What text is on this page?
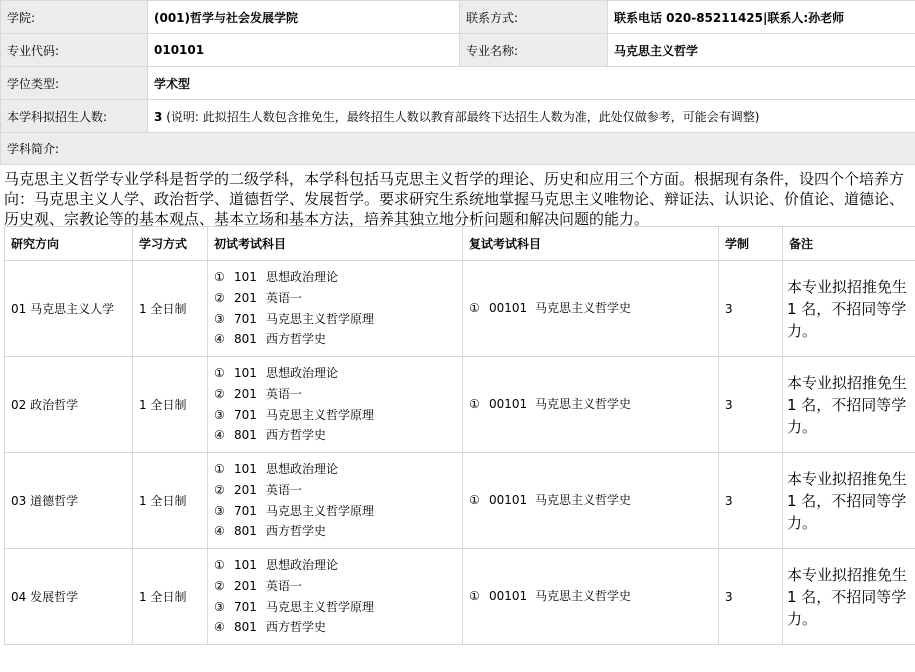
学院:	(001)哲学与社会发展学院	联系方式:	联系电话 020-85211425|联系人:孙老师
专业代码:	010101	专业名称:	马克思主义哲学
学位类型:	学术型		
本学科拟招生人数:	3 (说明: 此拟招生人数包含推免生，最终招生人数以教育部最终下达招生人数为准，此处仅做参考，可能会有调整)		
学科简介:			
马克思主义哲学专业学科是哲学的二级学科，本学科包括马克思主义哲学的理论、历史和应用三个方面。根据现有条件，设四个个培养方向：马克思主义人学、政治哲学、道德哲学、发展哲学。要求研究生系统地掌握马克思主义唯物论、辩证法、认识论、价值论、道德论、历史观、宗教论等的基本观点、基本立场和基本方法，培养其独立地分析问题和解决问题的能力。
研究方向	学习方式	初试考试科目	复试考试科目	学制	备注
01 马克思主义人学	1 全日制	① 101 思想政治理论
② 201 英语一
③ 701 马克思主义哲学原理
④ 801 西方哲学史	① 00101 马克思主义哲学史	3	本专业拟招推免生 1 名，不招同等学力。

02 政治哲学	1 全日制	① 101 思想政治理论
② 201 英语一
③ 701 马克思主义哲学原理
④ 801 西方哲学史	① 00101 马克思主义哲学史	3	本专业拟招推免生 1 名，不招同等学力。

03 道德哲学	1 全日制	① 101 思想政治理论
② 201 英语一
③ 701 马克思主义哲学原理
④ 801 西方哲学史	① 00101 马克思主义哲学史	3	本专业拟招推免生 1 名，不招同等学力。

04 发展哲学	1 全日制	① 101 思想政治理论
② 201 英语一
③ 701 马克思主义哲学原理
④ 801 西方哲学史	① 00101 马克思主义哲学史	3	本专业拟招推免生 1 名，不招同等学力。
